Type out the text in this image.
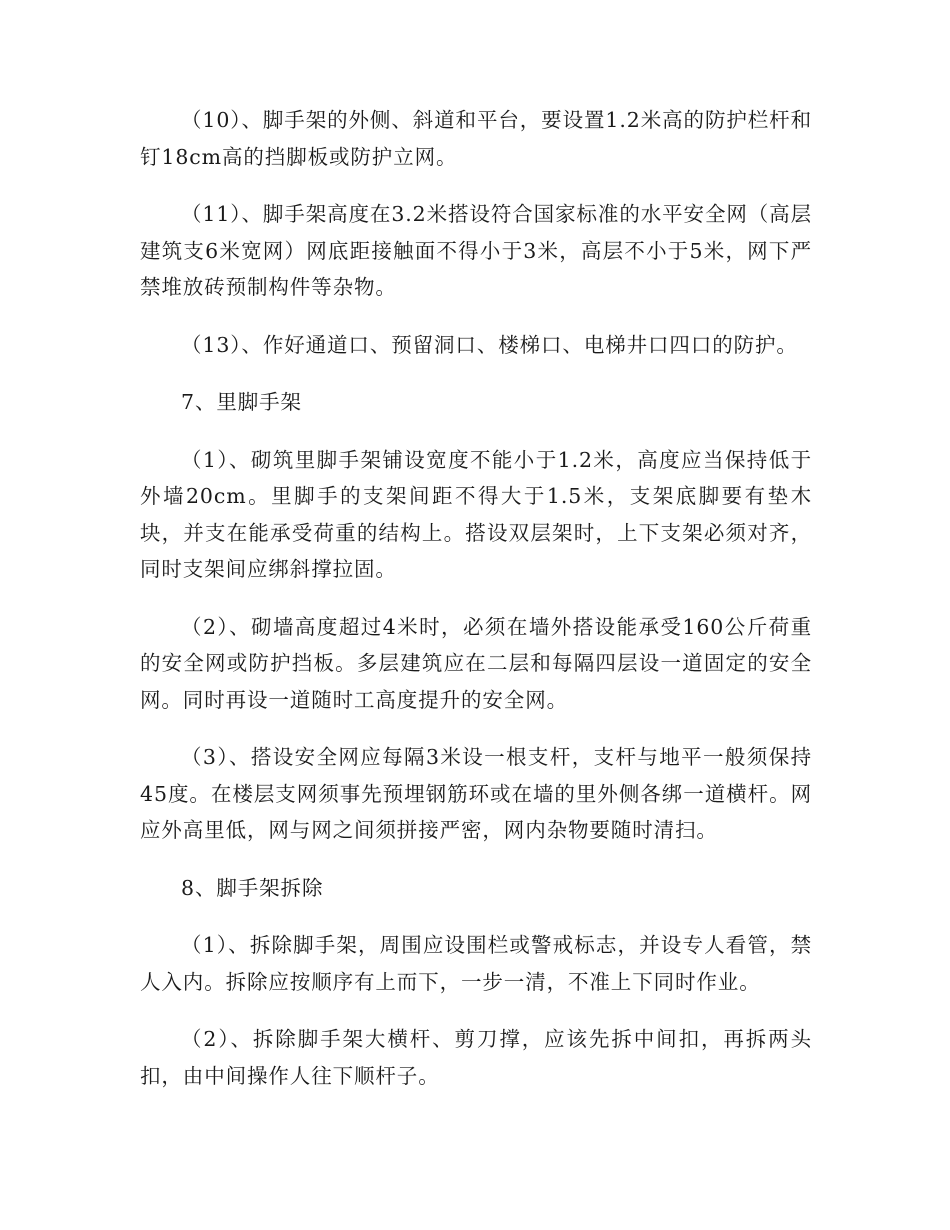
（10）、脚手架的外侧、斜道和平台，要设置1.2米高的防护栏杆和钉18cm高的挡脚板或防护立网。

（11）、脚手架高度在3.2米搭设符合国家标准的水平安全网（高层建筑支6米宽网）网底距接触面不得小于3米，高层不小于5米，网下严禁堆放砖预制构件等杂物。

（13）、作好通道口、预留洞口、楼梯口、电梯井口四口的防护。

7、里脚手架

（1）、砌筑里脚手架铺设宽度不能小于1.2米，高度应当保持低于外墙20cm。里脚手的支架间距不得大于1.5米，支架底脚要有垫木块，并支在能承受荷重的结构上。搭设双层架时，上下支架必须对齐，同时支架间应绑斜撑拉固。

（2）、砌墙高度超过4米时，必须在墙外搭设能承受160公斤荷重的安全网或防护挡板。多层建筑应在二层和每隔四层设一道固定的安全网。同时再设一道随时工高度提升的安全网。

（3）、搭设安全网应每隔3米设一根支杆，支杆与地平一般须保持45度。在楼层支网须事先预埋钢筋环或在墙的里外侧各绑一道横杆。网应外高里低，网与网之间须拼接严密，网内杂物要随时清扫。

8、脚手架拆除

（1）、拆除脚手架，周围应设围栏或警戒标志，并设专人看管，禁人入内。拆除应按顺序有上而下，一步一清，不准上下同时作业。

（2）、拆除脚手架大横杆、剪刀撑，应该先拆中间扣，再拆两头扣，由中间操作人往下顺杆子。
